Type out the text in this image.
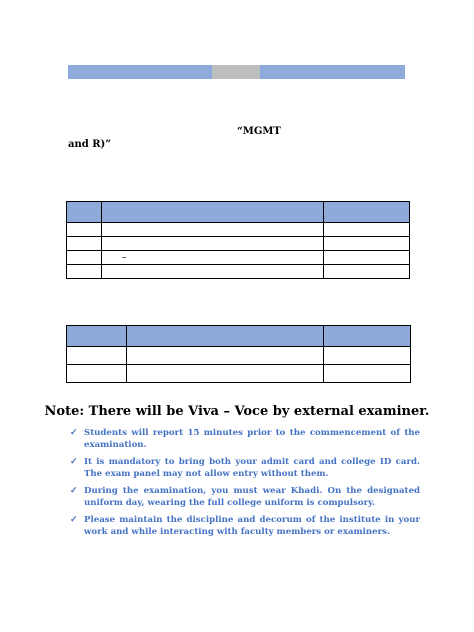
“MGMT
and R)”

	–	

Note: There will be Viva – Voce by external examiner.
✓ Students will report 15 minutes prior to the commencement of the examination.
✓ It is mandatory to bring both your admit card and college ID card. The exam panel may not allow entry without them.
✓ During the examination, you must wear Khadi. On the designated uniform day, wearing the full college uniform is compulsory.
✓ Please maintain the discipline and decorum of the institute in your work and while interacting with faculty members or examiners.
